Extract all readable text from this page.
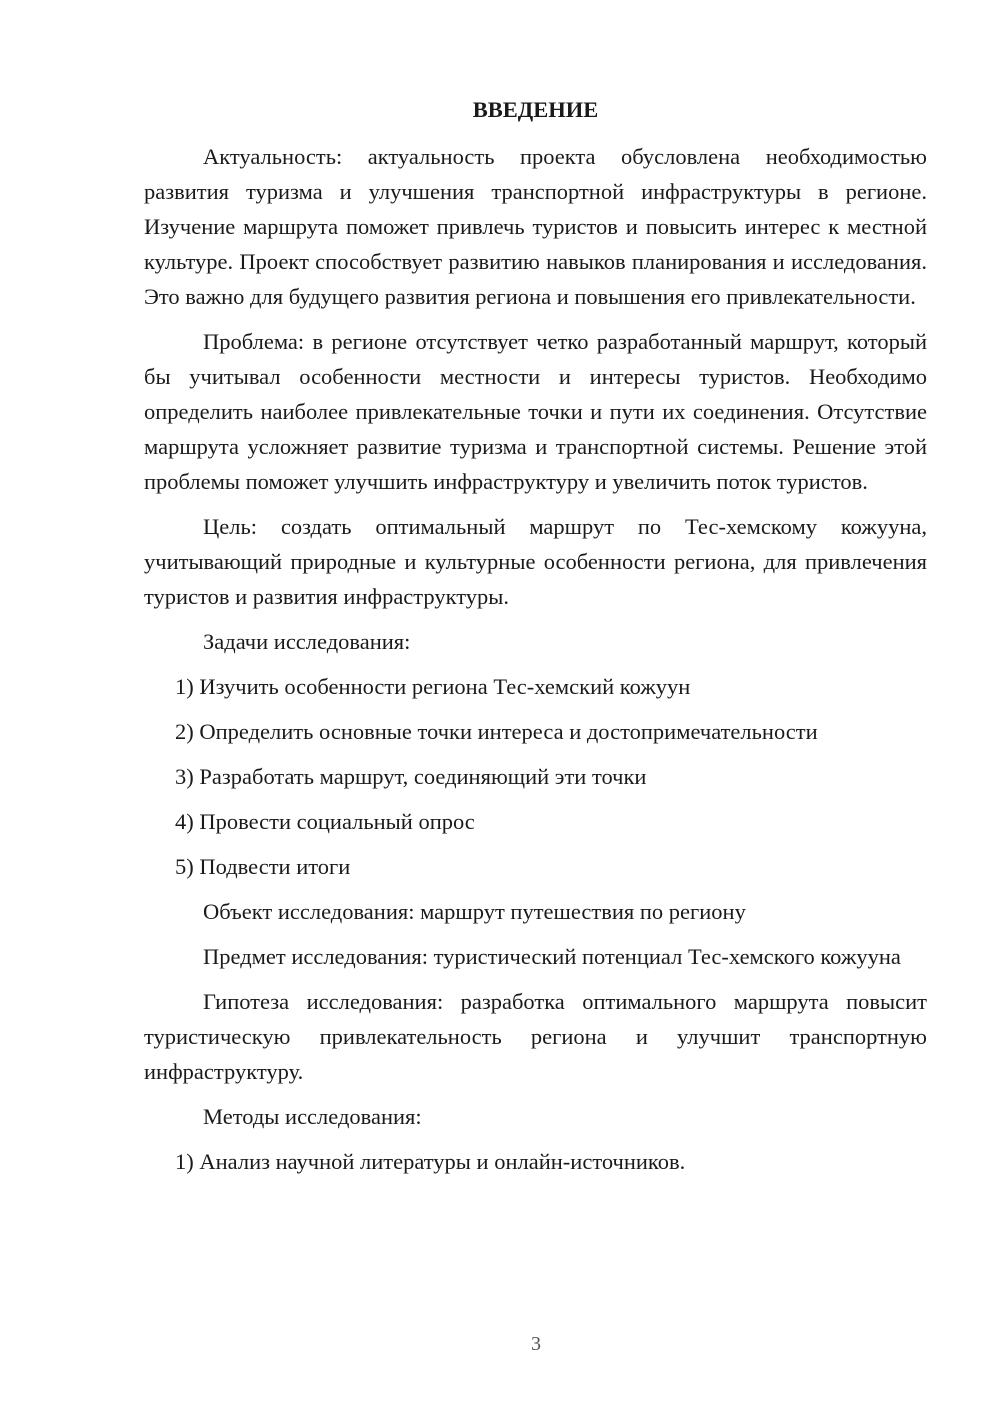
ВВЕДЕНИЕ

Актуальность: актуальность проекта обусловлена необходимостью развития туризма и улучшения транспортной инфраструктуры в регионе. Изучение маршрута поможет привлечь туристов и повысить интерес к местной культуре. Проект способствует развитию навыков планирования и исследования. Это важно для будущего развития региона и повышения его привлекательности.

Проблема: в регионе отсутствует четко разработанный маршрут, который бы учитывал особенности местности и интересы туристов. Необходимо определить наиболее привлекательные точки и пути их соединения. Отсутствие маршрута усложняет развитие туризма и транспортной системы. Решение этой проблемы поможет улучшить инфраструктуру и увеличить поток туристов.

Цель: создать оптимальный маршрут по Тес-хемскому кожууна, учитывающий природные и культурные особенности региона, для привлечения туристов и развития инфраструктуры.

Задачи исследования:
1) Изучить особенности региона Тес-хемский кожуун
2) Определить основные точки интереса и достопримечательности
3) Разработать маршрут, соединяющий эти точки
4) Провести социальный опрос
5) Подвести итоги

Объект исследования: маршрут путешествия по региону

Предмет исследования: туристический потенциал Тес-хемского кожууна

Гипотеза исследования: разработка оптимального маршрута повысит туристическую привлекательность региона и улучшит транспортную инфраструктуру.

Методы исследования:
1) Анализ научной литературы и онлайн-источников.
3
